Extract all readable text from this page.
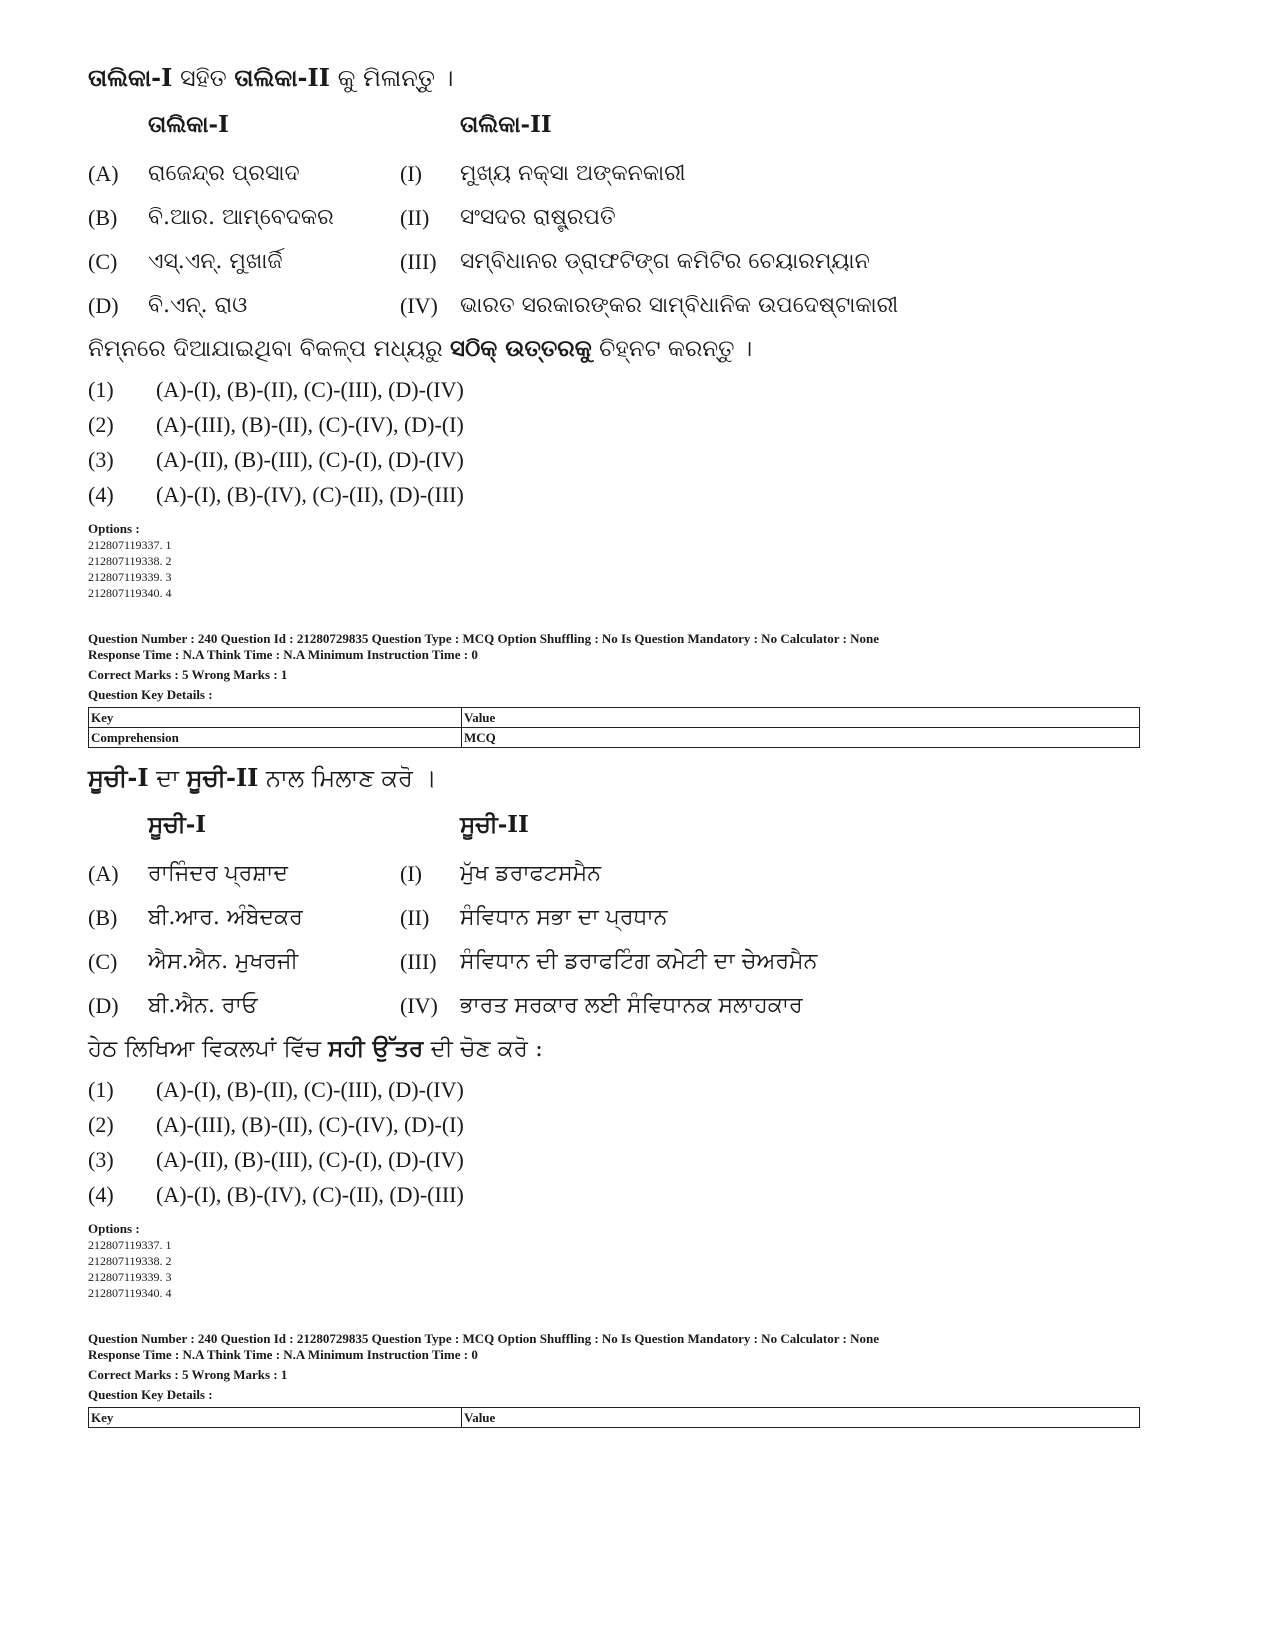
ତାଲିକା-I ସହିତ ତାଲିକା-II କୁ ମିଳାନ୍ତୁ ।
ତାଲିକା-I	ତାଲିକା-II
(A)	ରାଜେନ୍ଦ୍ର ପ୍ରସାଦ	(I)	ମୁଖ୍ୟ ନକ୍ସା ଅଙ୍କନକାରୀ
(B)	ବି.ଆର. ଆମ୍ବେଦକର	(II)	ସଂସଦର ରାଷ୍ଟ୍ରପତି
(C)	ଏସ୍.ଏନ୍. ମୁଖାର୍ଜି	(III)	ସମ୍ବିଧାନର ଡ୍ରାଫଟିଙ୍ଗ କମିଟିର ଚେୟାରମ୍ୟାନ
(D)	ବି.ଏନ୍. ରାଓ	(IV)	ଭାରତ ସରକାରଙ୍କର ସାମ୍ବିଧାନିକ ଉପଦେଷ୍ଟାକାରୀ
ନିମ୍ନରେ ଦିଆଯାଇଥିବା ବିକଳ୍ପ ମଧ୍ୟରୁ ସଠିକ୍ ଉତ୍ତରକୁ ଚିହ୍ନଟ କରନ୍ତୁ ।
(1)	(A)-(I), (B)-(II), (C)-(III), (D)-(IV)
(2)	(A)-(III), (B)-(II), (C)-(IV), (D)-(I)
(3)	(A)-(II), (B)-(III), (C)-(I), (D)-(IV)
(4)	(A)-(I), (B)-(IV), (C)-(II), (D)-(III)
Options :
212807119337. 1
212807119338. 2
212807119339. 3
212807119340. 4
Question Number : 240 Question Id : 21280729835 Question Type : MCQ Option Shuffling : No Is Question Mandatory : No Calculator : None
Response Time : N.A Think Time : N.A Minimum Instruction Time : 0
Correct Marks : 5 Wrong Marks : 1
Question Key Details :
Key	Value
Comprehension	MCQ
ਸੂਚੀ-I ਦਾ ਸੂਚੀ-II ਨਾਲ ਮਿਲਾਣ ਕਰੋ ।
ਸੂਚੀ-I	ਸੂਚੀ-II
(A)	ਰਾਜਿੰਦਰ ਪ੍ਰਸ਼ਾਦ	(I)	ਮੁੱਖ ਡਰਾਫਟਸਮੈਨ
(B)	ਬੀ.ਆਰ. ਅੰਬੇਦਕਰ	(II)	ਸੰਵਿਧਾਨ ਸਭਾ ਦਾ ਪ੍ਰਧਾਨ
(C)	ਐਸ.ਐਨ. ਮੁਖਰਜੀ	(III)	ਸੰਵਿਧਾਨ ਦੀ ਡਰਾਫਟਿੰਗ ਕਮੇਟੀ ਦਾ ਚੇਅਰਮੈਨ
(D)	ਬੀ.ਐਨ. ਰਾਓ	(IV)	ਭਾਰਤ ਸਰਕਾਰ ਲਈ ਸੰਵਿਧਾਨਕ ਸਲਾਹਕਾਰ
ਹੇਠ ਲਿਖਿਆ ਵਿਕਲਪਾਂ ਵਿੱਚ ਸਹੀ ਉੱਤਰ ਦੀ ਚੋਣ ਕਰੋ :
(1)	(A)-(I), (B)-(II), (C)-(III), (D)-(IV)
(2)	(A)-(III), (B)-(II), (C)-(IV), (D)-(I)
(3)	(A)-(II), (B)-(III), (C)-(I), (D)-(IV)
(4)	(A)-(I), (B)-(IV), (C)-(II), (D)-(III)
Options :
212807119337. 1
212807119338. 2
212807119339. 3
212807119340. 4
Question Number : 240 Question Id : 21280729835 Question Type : MCQ Option Shuffling : No Is Question Mandatory : No Calculator : None
Response Time : N.A Think Time : N.A Minimum Instruction Time : 0
Correct Marks : 5 Wrong Marks : 1
Question Key Details :
Key	Value
